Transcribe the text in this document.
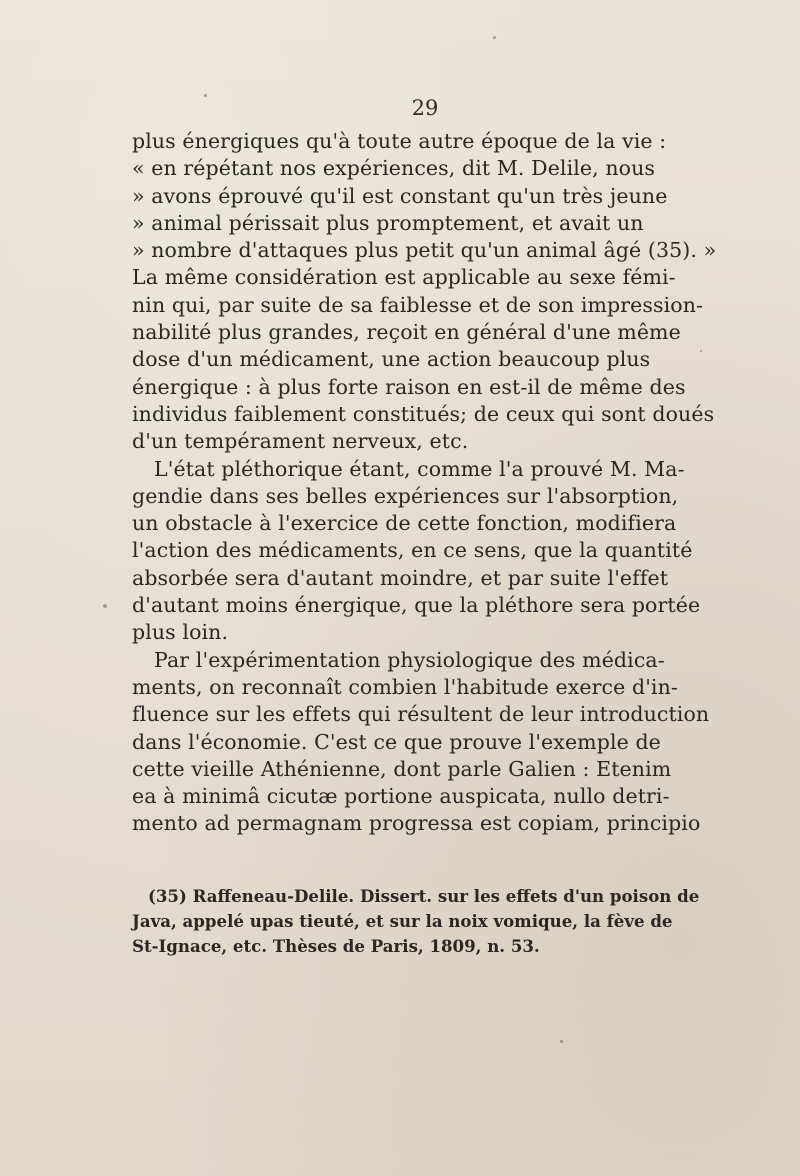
29
plus énergiques qu'à toute autre époque de la vie :
« en répétant nos expériences, dit M. Delile, nous
» avons éprouvé qu'il est constant qu'un très jeune
» animal périssait plus promptement, et avait un
» nombre d'attaques plus petit qu'un animal âgé (35). »
La même considération est applicable au sexe fémi-
nin qui, par suite de sa faiblesse et de son impression-
nabilité plus grandes, reçoit en général d'une même
dose d'un médicament, une action beaucoup plus
énergique : à plus forte raison en est-il de même des
individus faiblement constitués; de ceux qui sont doués
d'un tempérament nerveux, etc.
L'état pléthorique étant, comme l'a prouvé M. Ma-
gendie dans ses belles expériences sur l'absorption,
un obstacle à l'exercice de cette fonction, modifiera
l'action des médicaments, en ce sens, que la quantité
absorbée sera d'autant moindre, et par suite l'effet
d'autant moins énergique, que la pléthore sera portée
plus loin.
Par l'expérimentation physiologique des médica-
ments, on reconnaît combien l'habitude exerce d'in-
fluence sur les effets qui résultent de leur introduction
dans l'économie. C'est ce que prouve l'exemple de
cette vieille Athénienne, dont parle Galien : Etenim
ea à minimâ cicutæ portione auspicata, nullo detri-
mento ad permagnam progressa est copiam, principio
(35) Raffeneau-Delile. Dissert. sur les effets d'un poison de
Java, appelé upas tieuté, et sur la noix vomique, la fève de
St-Ignace, etc. Thèses de Paris, 1809, n. 53.
